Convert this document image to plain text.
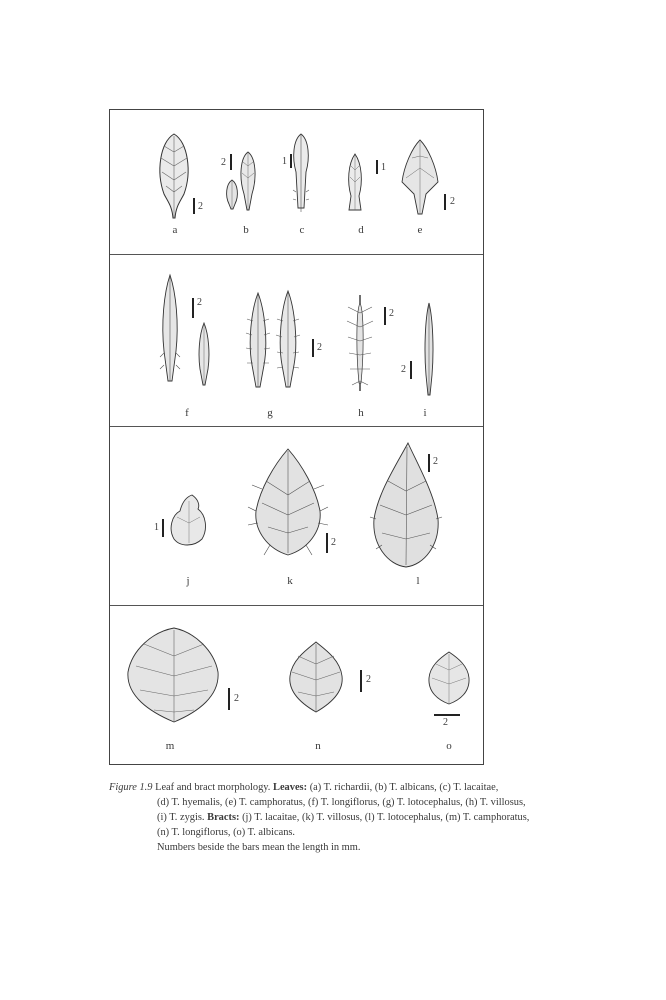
2
a
2
b
1
c
1
d
2
e
2
f
2
g
2
h
2
i
1
j
2
k
2
l
2
m
2
n
2
o
Figure 1.9 Leaf and bract morphology. Leaves: (a) T. richardii, (b) T. albicans, (c) T. lacaitae,
(d) T. hyemalis, (e) T. camphoratus, (f) T. longiflorus, (g) T. lotocephalus, (h) T. villosus,
(i) T. zygis. Bracts: (j) T. lacaitae, (k) T. villosus, (l) T. lotocephalus, (m) T. camphoratus,
(n) T. longiflorus, (o) T. albicans.
Numbers beside the bars mean the length in mm.
